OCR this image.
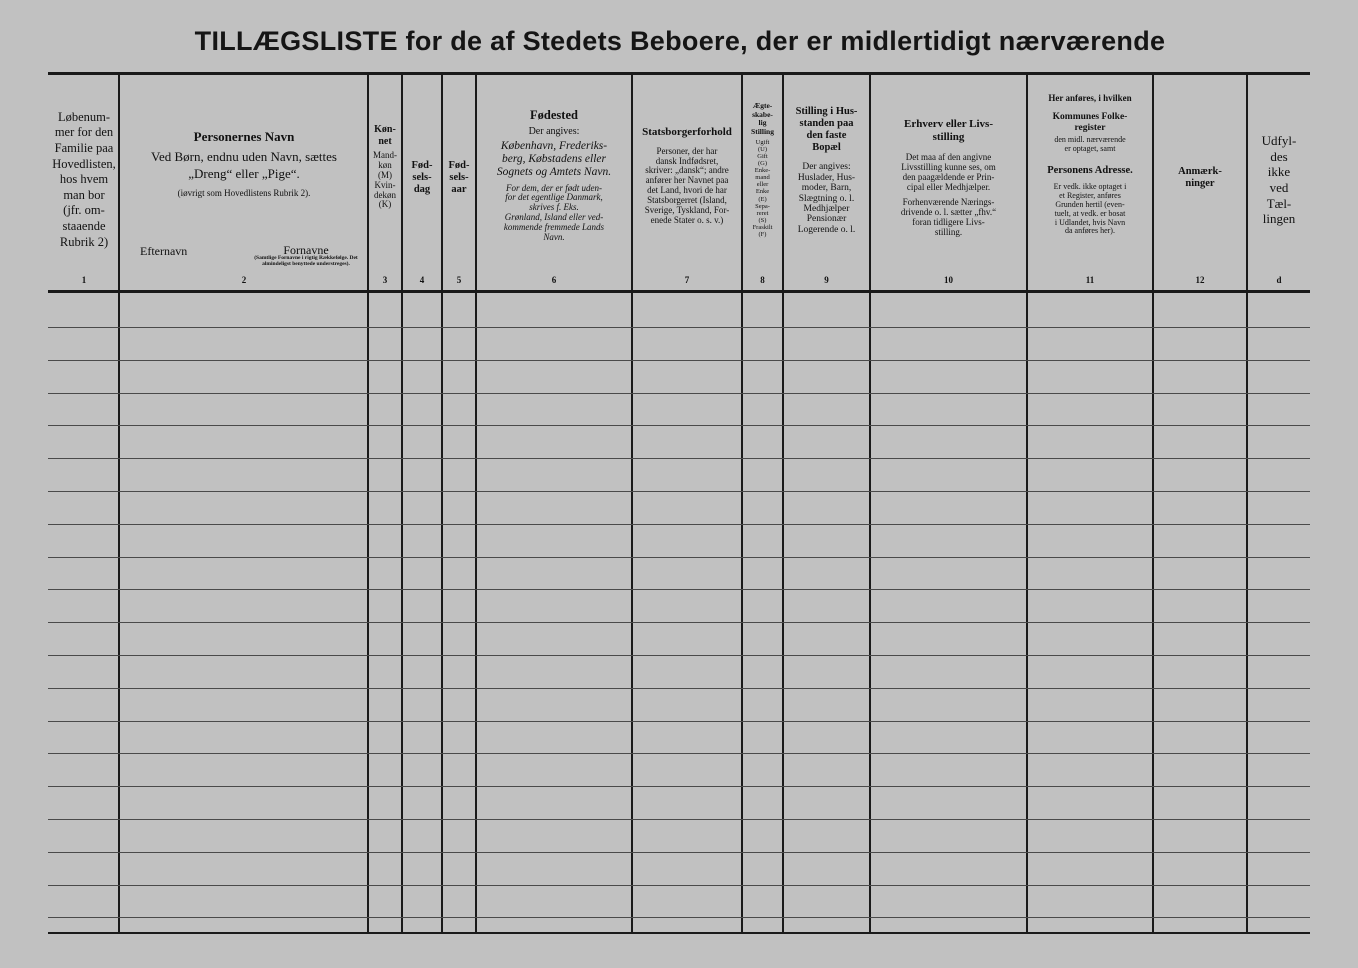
TILLÆGSLISTE for de af Stedets Beboere, der er midlertidigt nærværende
Løbenum-
mer for den
Familie paa
Hovedlisten,
hos hvem
man bor
(jfr. om-
staaende
Rubrik 2)
1
Personernes Navn
Ved Børn, endnu uden Navn, sættes
„Dreng“ eller „Pige“.
(iøvrigt som Hovedlistens Rubrik 2).
Efternavn	Fornavne
(Samtlige Fornavne i rigtig Rækkefølge. Det almindeligst benyttede understreges).
2
Køn-
net
Mand-
køn
(M)
Kvin-
dekøn
(K)
3
Fød-
sels-
dag
4
Fød-
sels-
aar
5
Fødested
Der angives:
København, Frederiks-
berg, Købstadens eller
Sognets og Amtets Navn.
For dem, der er født uden-
for det egentlige Danmark,
skrives f. Eks.
Grønland, Island eller ved-
kommende fremmede Lands
Navn.
6
Statsborgerforhold
Personer, der har
dansk Indfødsret,
skriver: „dansk“; andre
anfører her Navnet paa
det Land, hvori de har
Statsborgerret (Island,
Sverige, Tyskland, For-
enede Stater o. s. v.)
7
Ægte-
skabe-
lig
Stilling
Ugift
(U)
Gift
(G)
Enke-
mand
eller
Enke
(E)
Sepa-
reret
(S)
Fraskilt
(F)
8
Stilling i Hus-
standen paa
den faste
Bopæl
Der angives:
Huslader, Hus-
moder, Barn,
Slægtning o. l.
Medhjælper
Pensionær
Logerende o. l.
9
Erhverv eller Livs-
stilling
Det maa af den angivne
Livsstilling kunne ses, om
den paagældende er Prin-
cipal eller Medhjælper.
Forhenværende Nærings-
drivende o. l. sætter „fhv.“
foran tidligere Livs-
stilling.
10
Her anføres, i hvilken
Kommunes Folke-
register
den midl. nærværende
er optaget, samt
Personens Adresse.
Er vedk. ikke optaget i
et Register, anføres
Grunden hertil (even-
tuelt, at vedk. er bosat
i Udlandet, hvis Navn
da anføres her).
11
Anmærk-
ninger
12
Udfyl-
des
ikke
ved
Tæl-
lingen
d
